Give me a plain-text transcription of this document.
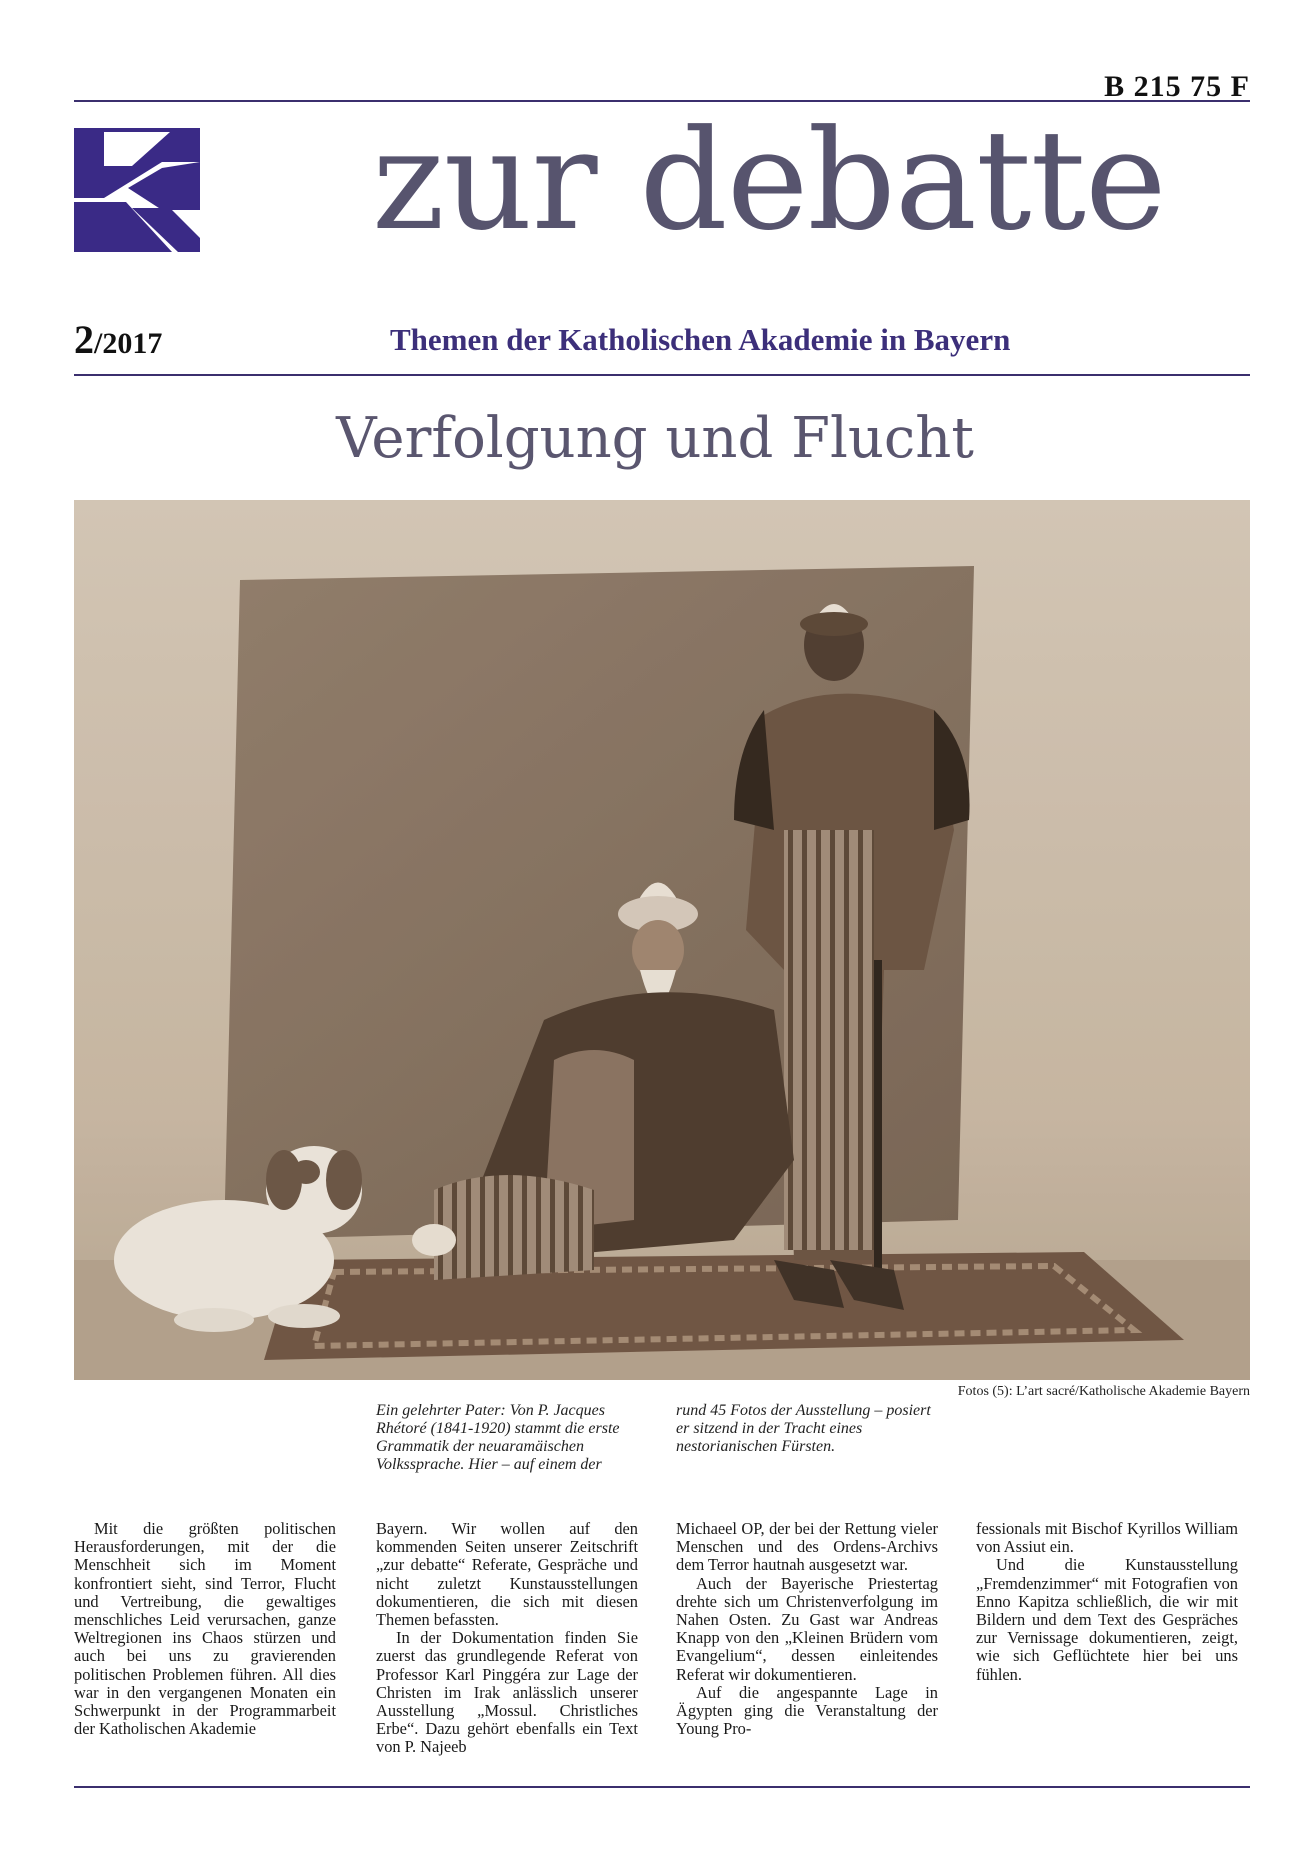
B 215 75 F
zur debatte
2/2017	Themen der Katholischen Akademie in Bayern
Verfolgung und Flucht
Fotos (5): L’art sacré/Katholische Akademie Bayern
Ein gelehrter Pater: Von P. Jacques Rhétoré (1841-1920) stammt die erste Grammatik der neuaramäischen Volkssprache. Hier – auf einem der
rund 45 Fotos der Ausstellung – posiert er sitzend in der Tracht eines nestorianischen Fürsten.

Mit die größten politischen Herausforderungen, mit der die Menschheit sich im Moment konfrontiert sieht, sind Terror, Flucht und Vertreibung, die gewaltiges menschliches Leid verursachen, ganze Weltregionen ins Chaos stürzen und auch bei uns zu gravierenden politischen Problemen führen. All dies war in den vergangenen Monaten ein Schwerpunkt in der Programmarbeit der Katholischen Akademie

Bayern. Wir wollen auf den kommenden Seiten unserer Zeitschrift „zur debatte“ Referate, Gespräche und nicht zuletzt Kunstausstellungen dokumentieren, die sich mit diesen Themen befassten.

In der Dokumentation finden Sie zuerst das grundlegende Referat von Professor Karl Pinggéra zur Lage der Christen im Irak anlässlich unserer Ausstellung „Mossul. Christliches Erbe“. Dazu gehört ebenfalls ein Text von P. Najeeb

Michaeel OP, der bei der Rettung vieler Menschen und des Ordens-Archivs dem Terror hautnah ausgesetzt war.

Auch der Bayerische Priestertag drehte sich um Christenverfolgung im Nahen Osten. Zu Gast war Andreas Knapp von den „Kleinen Brüdern vom Evangelium“, dessen einleitendes Referat wir dokumentieren.

Auf die angespannte Lage in Ägypten ging die Veranstaltung der Young Pro-

fessionals mit Bischof Kyrillos William von Assiut ein.

Und die Kunstausstellung „Fremdenzimmer“ mit Fotografien von Enno Kapitza schließlich, die wir mit Bildern und dem Text des Gespräches zur Vernissage dokumentieren, zeigt, wie sich Geflüchtete hier bei uns fühlen.
